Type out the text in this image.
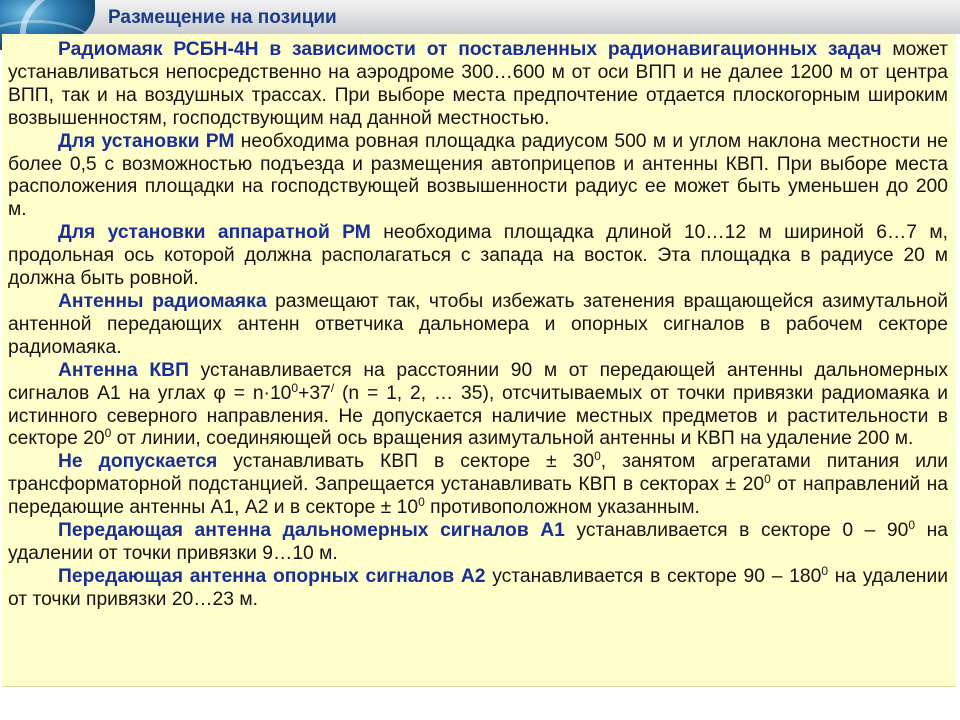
Размещение на позиции

Радиомаяк РСБН-4Н в зависимости от поставленных радионавигационных задач может устанавливаться непосредственно на аэродроме 300…600 м от оси ВПП и не далее 1200 м от центра ВПП, так и на воздушных трассах. При выборе места предпочтение отдается плоскогорным широким возвышенностям, господствующим над данной местностью.

Для установки РМ необходима ровная площадка радиусом 500 м и углом наклона местности не более 0,5 с возможностью подъезда и размещения автоприцепов и антенны КВП. При выборе места расположения площадки на господствующей возвышенности радиус ее может быть уменьшен до 200 м.

Для установки аппаратной РМ необходима площадка длиной 10…12 м шириной 6…7 м, продольная ось которой должна располагаться с запада на восток. Эта площадка в радиусе 20 м должна быть ровной.

Антенны радиомаяка размещают так, чтобы избежать затенения вращающейся азимутальной антенной передающих антенн ответчика дальномера и опорных сигналов в рабочем секторе радиомаяка.

Антенна КВП устанавливается на расстоянии 90 м от передающей антенны дальномерных сигналов А1 на углах $\varphi = n\cdot 10^0+37^/$ (n = 1, 2, … 35), отсчитываемых от точки привязки радиомаяка и истинного северного направления. Не допускается наличие местных предметов и растительности в секторе $20^0$ от линии, соединяющей ось вращения азимутальной антенны и КВП на удаление 200 м.

Не допускается устанавливать КВП в секторе ± $30^0$, занятом агрегатами питания или трансформаторной подстанцией. Запрещается устанавливать КВП в секторах ± $20^0$ от направлений на передающие антенны А1, А2 и в секторе ± $10^0$ противоположном указанным.

Передающая антенна дальномерных сигналов А1 устанавливается в секторе $0 - 90^0$ на удалении от точки привязки 9…10 м.

Передающая антенна опорных сигналов А2 устанавливается в секторе $90 - 180^0$ на удалении от точки привязки 20…23 м.
